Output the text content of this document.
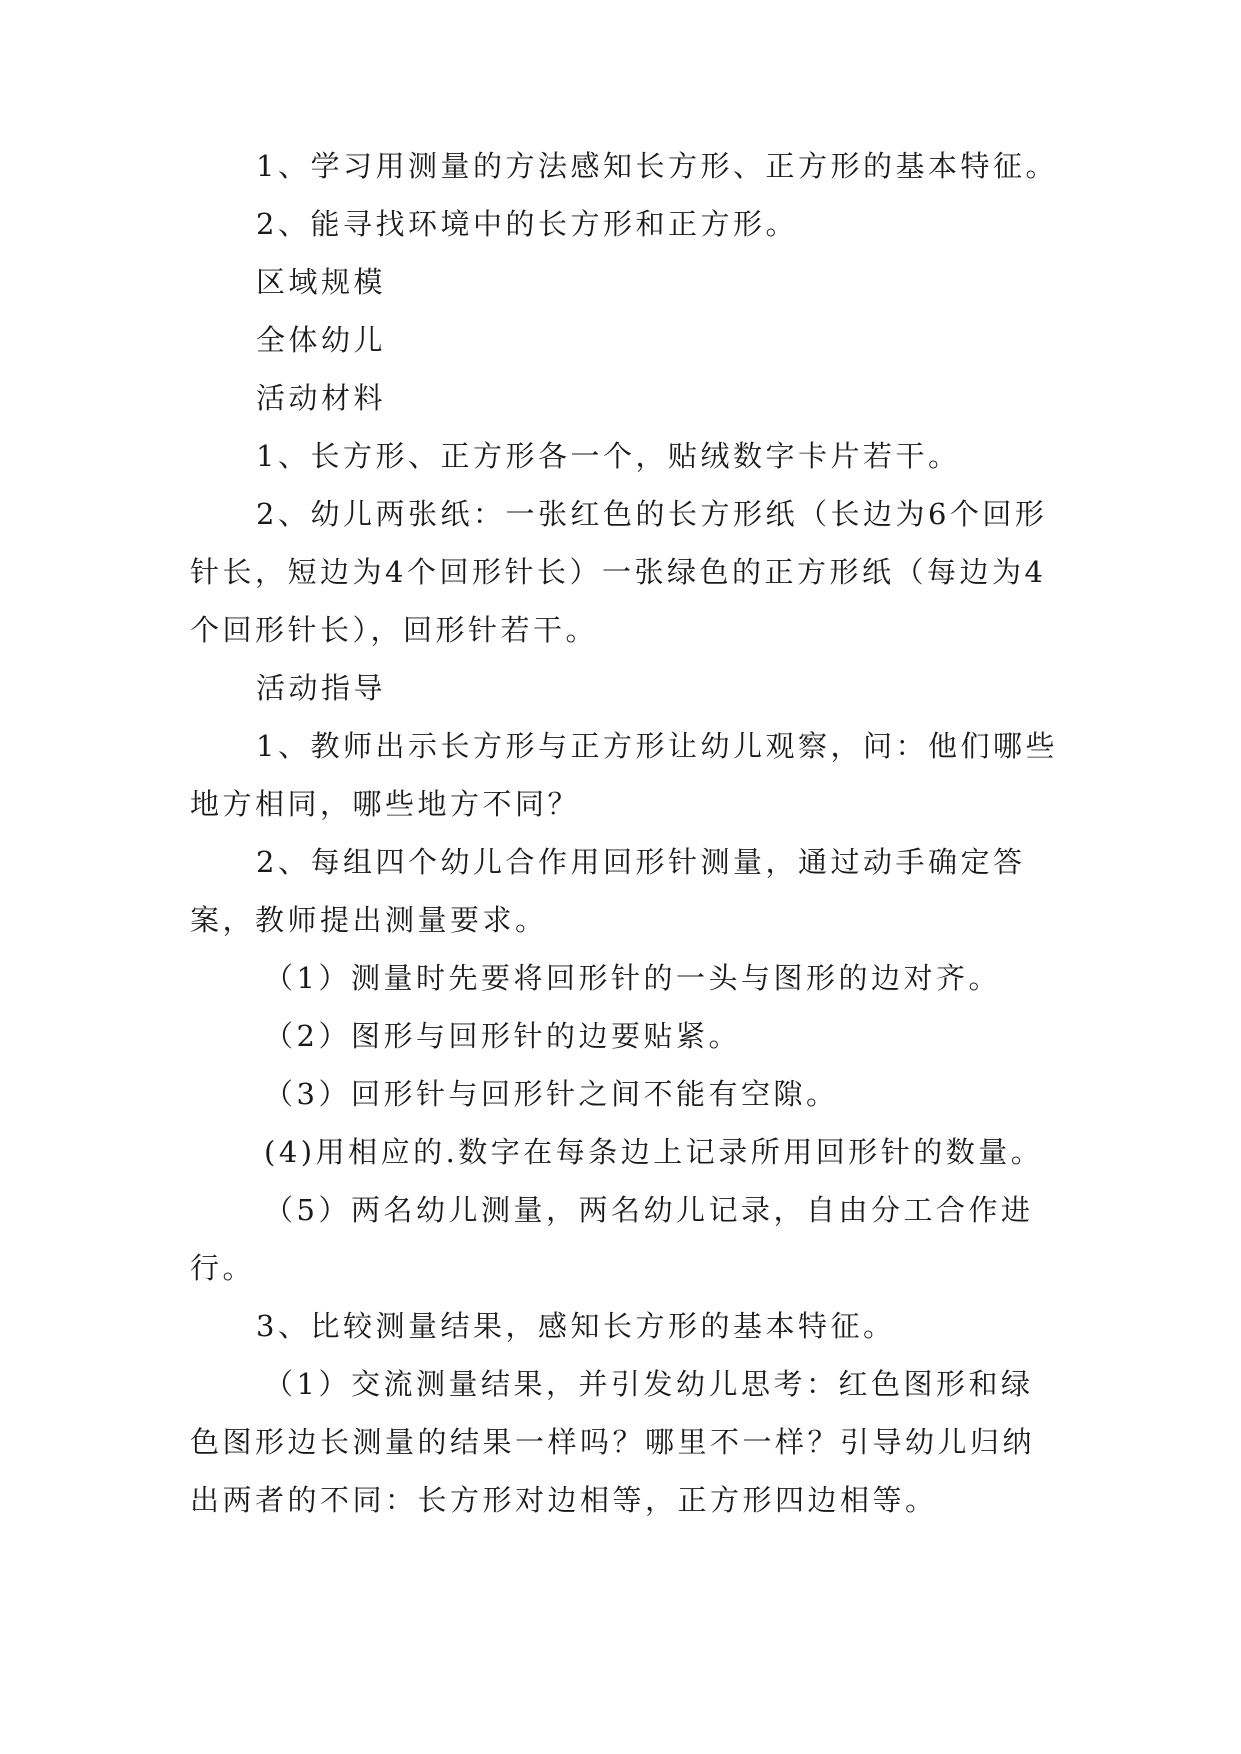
1、学习用测量的方法感知长方形、正方形的基本特征。

2、能寻找环境中的长方形和正方形。

区域规模

全体幼儿

活动材料

1、长方形、正方形各一个，贴绒数字卡片若干。

2、幼儿两张纸：一张红色的长方形纸（长边为6个回形针长，短边为4个回形针长）一张绿色的正方形纸（每边为4个回形针长），回形针若干。

活动指导

1、教师出示长方形与正方形让幼儿观察，问：他们哪些地方相同，哪些地方不同？

2、每组四个幼儿合作用回形针测量，通过动手确定答案，教师提出测量要求。

（1）测量时先要将回形针的一头与图形的边对齐。

（2）图形与回形针的边要贴紧。

（3）回形针与回形针之间不能有空隙。

(4)用相应的.数字在每条边上记录所用回形针的数量。

（5）两名幼儿测量，两名幼儿记录，自由分工合作进行。

3、比较测量结果，感知长方形的基本特征。

（1）交流测量结果，并引发幼儿思考：红色图形和绿色图形边长测量的结果一样吗？哪里不一样？引导幼儿归纳出两者的不同：长方形对边相等，正方形四边相等。
